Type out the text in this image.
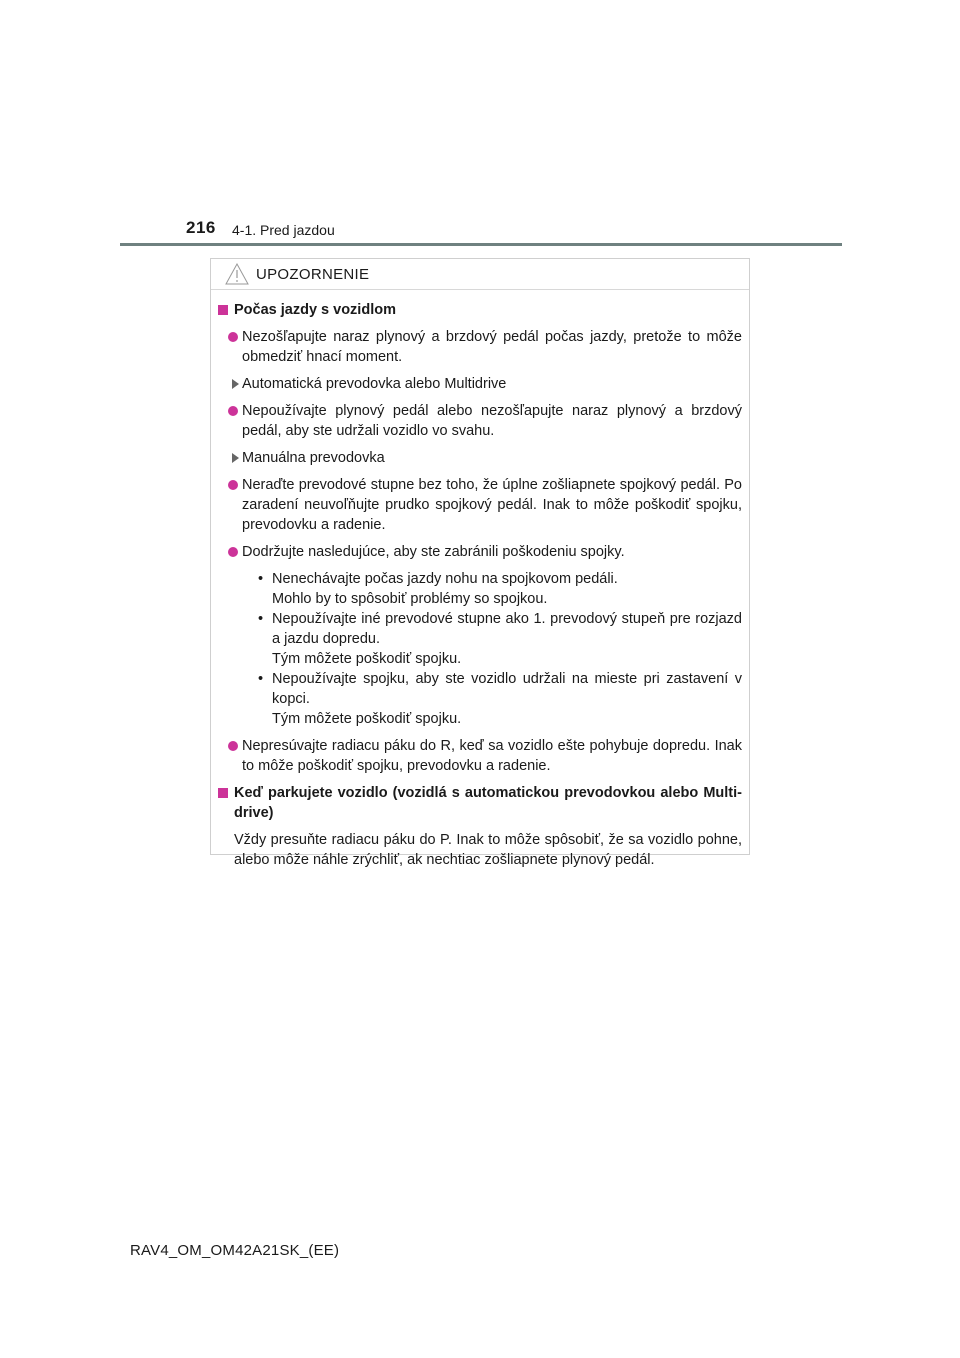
216 4-1. Pred jazdou
UPOZORNENIE
Počas jazdy s vozidlom
Nezošľapujte naraz plynový a brzdový pedál počas jazdy, pretože to môže obmedziť hnací moment.
Automatická prevodovka alebo Multidrive
Nepoužívajte plynový pedál alebo nezošľapujte naraz plynový a brzdový pedál, aby ste udržali vozidlo vo svahu.
Manuálna prevodovka
Neraďte prevodové stupne bez toho, že úplne zošliapnete spojkový pedál. Po zaradení neuvoľňujte prudko spojkový pedál. Inak to môže poškodiť spojku, prevodovku a radenie.
Dodržujte nasledujúce, aby ste zabránili poškodeniu spojky.
• Nenechávajte počas jazdy nohu na spojkovom pedáli.
Mohlo by to spôsobiť problémy so spojkou.
• Nepoužívajte iné prevodové stupne ako 1. prevodový stupeň pre rozjazd a jazdu dopredu.
Tým môžete poškodiť spojku.
• Nepoužívajte spojku, aby ste vozidlo udržali na mieste pri zastavení v kopci.
Tým môžete poškodiť spojku.
Nepresúvajte radiacu páku do R, keď sa vozidlo ešte pohybuje dopredu. Inak to môže poškodiť spojku, prevodovku a radenie.
Keď parkujete vozidlo (vozidlá s automatickou prevodovkou alebo Multi-drive)
Vždy presuňte radiacu páku do P. Inak to môže spôsobiť, že sa vozidlo pohne, alebo môže náhle zrýchliť, ak nechtiac zošliapnete plynový pedál.
RAV4_OM_OM42A21SK_(EE)
